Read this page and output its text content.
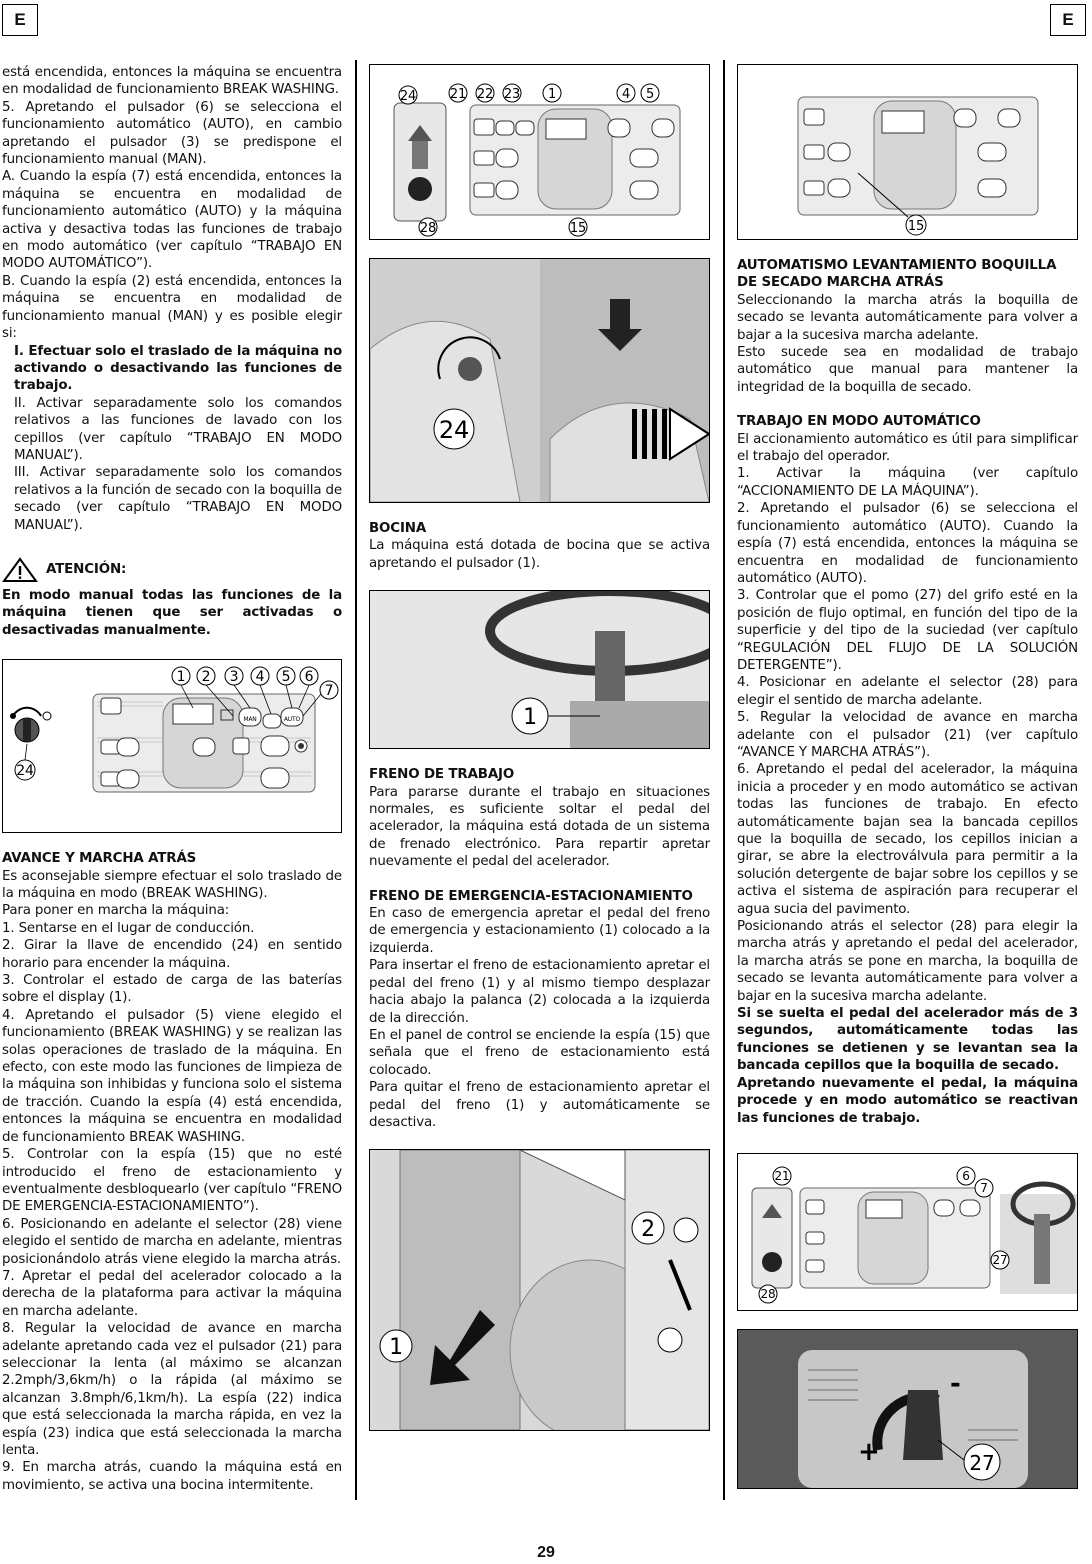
E	E

está encendida, entonces la máquina se encuentra en modalidad de funcionamiento BREAK WASHING.

5. Apretando el pulsador (6) se selecciona el funcionamiento automático (AUTO), en cambio apretando el pulsador (3) se predispone el funcionamiento manual (MAN).

A. Cuando la espía (7) está encendida, entonces la máquina se encuentra en modalidad de funcionamiento automático (AUTO) y la máquina activa y desactiva todas las funciones de trabajo en modo automático (ver capítulo “TRABAJO EN MODO AUTOMÁTICO”).

B. Cuando la espía (2) está encendida, entonces la máquina se encuentra en modalidad de funcionamiento manual (MAN) y es posible elegir si:

I. Efectuar solo el traslado de la máquina no activando o desactivando las funciones de trabajo.

II. Activar separadamente solo los comandos relativos a las funciones de lavado con los cepillos (ver capítulo “TRABAJO EN MODO MANUAL”).

III. Activar separadamente solo los comandos relativos a la función de secado con la boquilla de secado (ver capítulo “TRABAJO EN MODO MANUAL”).

ATENCIÓN:

En modo manual todas las funciones de la máquina tienen que ser activadas o desactivadas manualmente.

MAN	AUTO
1 2 3 4 5 6
7
24
AVANCE Y MARCHA ATRÁS

Es aconsejable siempre efectuar el solo traslado de la máquina en modo (BREAK WASHING).

Para poner en marcha la máquina:

1. Sentarse en el lugar de conducción.

2. Girar la llave de encendido (24) en sentido horario para encender la máquina.

3. Controlar el estado de carga de las baterías sobre el display (1).

4. Apretando el pulsador (5) viene elegido el funcionamiento (BREAK WASHING) y se realizan las solas operaciones de traslado de la máquina. En efecto, con este modo las funciones de limpieza de la máquina son inhibidas y funciona solo el sistema de tracción. Cuando la espía (4) está encendida, entonces la máquina se encuentra en modalidad de funcionamiento BREAK WASHING.

5. Controlar con la espía (15) que no esté introducido el freno de estacionamiento y eventualmente desbloquearlo (ver capítulo “FRENO DE EMERGENCIA-ESTACIONAMIENTO”).

6. Posicionando en adelante el selector (28) viene elegido el sentido de marcha en adelante, mientras posicionándolo atrás viene elegido la marcha atrás.

7. Apretar el pedal del acelerador colocado a la derecha de la plataforma para activar la máquina en marcha adelante.

8. Regular la velocidad de avance en marcha adelante apretando cada vez el pulsador (21) para seleccionar la lenta (al máximo se alcanzan 2.2mph/3,6km/h) o la rápida (al máximo se alcanzan 3.8mph/6,1km/h). La espía (22) indica que está seleccionada la marcha rápida, en vez la espía (23) indica que está seleccionada la marcha lenta.

9. En marcha atrás, cuando la máquina está en movimiento, se activa una bocina intermitente.

24	21 22 23 1	4 5
28	15
24
BOCINA

La máquina está dotada de bocina que se activa apretando el pulsador (1).

1
FRENO DE TRABAJO

Para pararse durante el trabajo en situaciones normales, es suficiente soltar el pedal del acelerador, la máquina está dotada de un sistema de frenado electrónico. Para repartir apretar nuevamente el pedal del acelerador.

FRENO DE EMERGENCIA-ESTACIONAMIENTO

En caso de emergencia apretar el pedal del freno de emergencia y estacionamiento (1) colocado a la izquierda.

Para insertar el freno de estacionamiento apretar el pedal del freno (1) y al mismo tiempo desplazar hacia abajo la palanca (2) colocada a la izquierda de la dirección.

En el panel de control se enciende la espía (15) que señala que el freno de estacionamiento está colocado.

Para quitar el freno de estacionamiento apretar el pedal del freno (1) y automáticamente se desactiva.

2
1
15
AUTOMATISMO LEVANTAMIENTO BOQUILLA DE SECADO MARCHA ATRÁS

Seleccionando la marcha atrás la boquilla de secado se levanta automáticamente para volver a bajar a la sucesiva marcha adelante.

Esto sucede sea en modalidad de trabajo automático que manual para mantener la integridad de la boquilla de secado.

TRABAJO EN MODO AUTOMÁTICO

El accionamiento automático es útil para simplificar el trabajo del operador.

1. Activar la máquina (ver capítulo “ACCIONAMIENTO DE LA MÁQUINA”).

2. Apretando el pulsador (6) se selecciona el funcionamiento automático (AUTO). Cuando la espía (7) está encendida, entonces la máquina se encuentra en modalidad de funcionamiento automático (AUTO).

3. Controlar que el pomo (27) del grifo esté en la posición de flujo optimal, en función del tipo de la superficie y del tipo de la suciedad (ver capítulo “REGULACIÓN DEL FLUJO DE LA SOLUCIÓN DETERGENTE”).

4. Posicionar en adelante el selector (28) para elegir el sentido de marcha adelante.

5. Regular la velocidad de avance en marcha adelante con el pulsador (21) (ver capítulo “AVANCE Y MARCHA ATRÁS”).

6. Apretando el pedal del acelerador, la máquina inicia a proceder y en modo automático se activan todas las funciones de trabajo. En efecto automáticamente bajan sea la bancada cepillos que la boquilla de secado, los cepillos inician a girar, se abre la electroválvula para permitir a la solución detergente de bajar sobre los cepillos y se activa el sistema de aspiración para recuperar el agua sucia del pavimento.

Posicionando atrás el selector (28) para elegir la marcha atrás y apretando el pedal del acelerador, la marcha atrás se pone en marcha, la boquilla de secado se levanta automáticamente para volver a bajar en la sucesiva marcha adelante.

Si se suelta el pedal del acelerador más de 3 segundos, automáticamente todas las funciones se detienen y se levantan sea la bancada cepillos que la boquilla de secado.

Apretando nuevamente el pedal, la máquina procede y en modo automático se reactivan las funciones de trabajo.

21	6
7
27
28
+
-
27
29
